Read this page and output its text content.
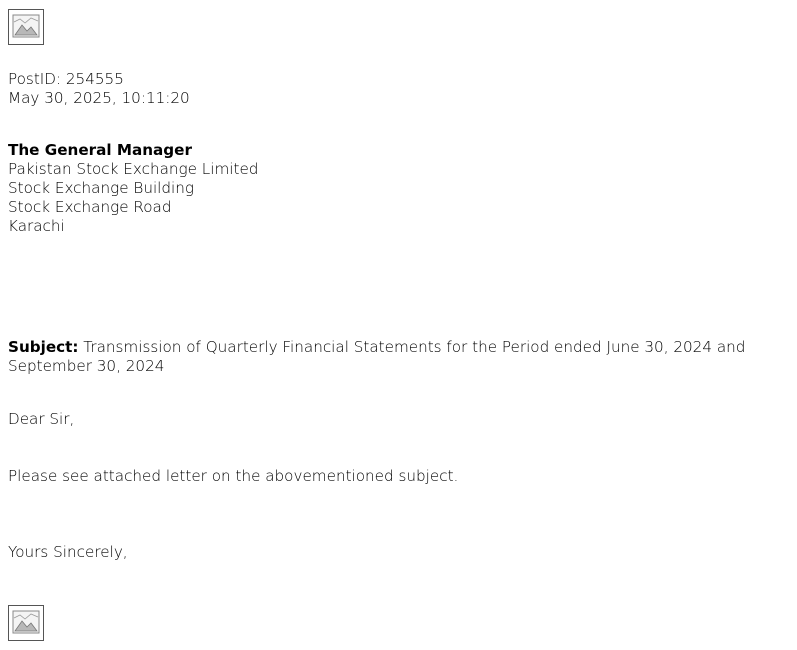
PostID: 254555
May 30, 2025, 10:11:20
The General Manager
Pakistan Stock Exchange Limited
Stock Exchange Building
Stock Exchange Road
Karachi
Subject: Transmission of Quarterly Financial Statements for the Period ended June 30, 2024 and September 30, 2024
Dear Sir,
Please see attached letter on the abovementioned subject.
Yours Sincerely,
